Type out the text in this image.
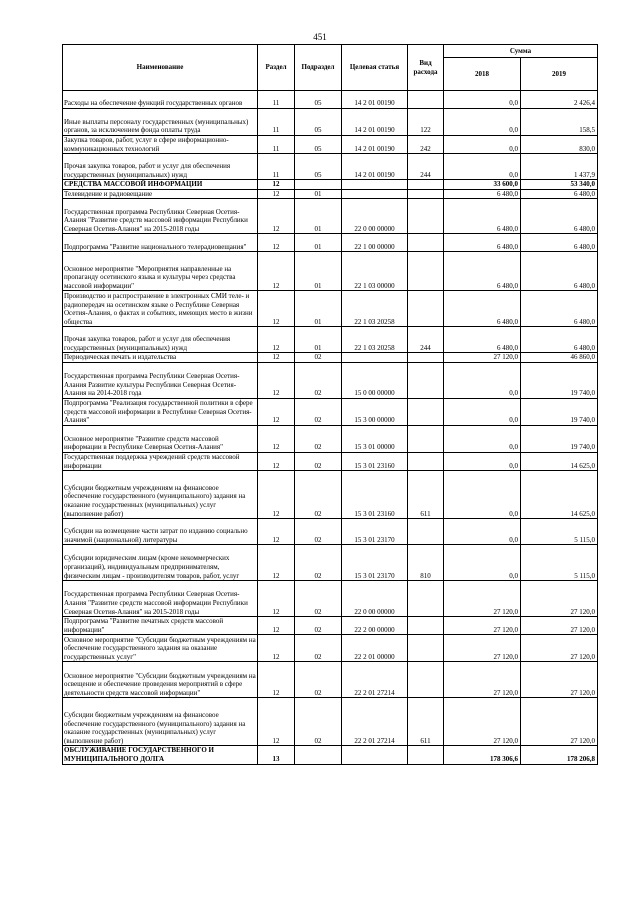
451
Наименование	Раздел	Подраздел	Целевая статья	Вид расхода	Сумма	
					2018	2019
Расходы на обеспечение функций государственных органов	11	05	14 2 01 00190		0,0	2 426,4
Иные выплаты персоналу государственных (муниципальных) органов, за исключением фонда оплаты труда	11	05	14 2 01 00190	122	0,0	158,5
Закупка товаров, работ, услуг в сфере информационно-коммуникационных технологий	11	05	14 2 01 00190	242	0,0	830,0
Прочая закупка товаров, работ и услуг для обеспечения государственных (муниципальных) нужд	11	05	14 2 01 00190	244	0,0	1 437,9
СРЕДСТВА МАССОВОЙ ИНФОРМАЦИИ	12				33 600,0	53 340,0
Телевидение и радиовещание	12	01			6 480,0	6 480,0
Государственная программа Республики Северная Осетия-Алания "Развитие средств массовой информации Республики Северная Осетия-Алания" на 2015-2018 годы	12	01	22 0 00 00000		6 480,0	6 480,0
Подпрограмма "Развитие национального телерадиовещания"	12	01	22 1 00 00000		6 480,0	6 480,0
Основное мероприятие "Мероприятия направленные на пропаганду осетинского языка и культуры через средства массовой информации"	12	01	22 1 03 00000		6 480,0	6 480,0
Производство и распространение в электронных СМИ теле- и радиопередач на осетинском языке о Республике Северная Осетия-Алания, о фактах и событиях, имеющих место в жизни общества	12	01	22 1 03 20258		6 480,0	6 480,0
Прочая закупка товаров, работ и услуг для обеспечения государственных (муниципальных) нужд	12	01	22 1 03 20258	244	6 480,0	6 480,0
Периодическая печать и издательства	12	02			27 120,0	46 860,0
Государственная программа Республики Северная Осетия-Алания Развитие культуры Республики Северная Осетия-Алания на 2014-2018 года	12	02	15 0 00 00000		0,0	19 740,0
Подпрограмма "Реализация государственной политики в сфере средств массовой информации в Республике Северная Осетия-Алания"	12	02	15 3 00 00000		0,0	19 740,0
Основное мероприятие "Развитие средств массовой информации в Республике Северная Осетия-Алания"	12	02	15 3 01 00000		0,0	19 740,0
Государственная поддержка учреждений средств массовой информации	12	02	15 3 01 23160		0,0	14 625,0
Субсидии бюджетным учреждениям на финансовое обеспечение государственного (муниципального) задания на оказание государственных (муниципальных) услуг (выполнение работ)	12	02	15 3 01 23160	611	0,0	14 625,0
Субсидии на возмещение части затрат по изданию социально значимой (национальной) литературы	12	02	15 3 01 23170		0,0	5 115,0
Субсидии юридическим лицам (кроме некоммерческих организаций), индивидуальным предпринимателям, физическим лицам - производителям товаров, работ, услуг	12	02	15 3 01 23170	810	0,0	5 115,0
Государственная программа Республики Северная Осетия-Алания "Развитие средств массовой информации Республики Северная Осетия-Алания" на 2015-2018 годы	12	02	22 0 00 00000		27 120,0	27 120,0
Подпрограмма "Развитие печатных средств массовой информации"	12	02	22 2 00 00000		27 120,0	27 120,0
Основное мероприятие "Субсидии бюджетным учреждениям на обеспечение государственного задания на оказание государственных услуг"	12	02	22 2 01 00000		27 120,0	27 120,0
Основное мероприятие "Субсидии бюджетным учреждениям на освещение и обеспечение проведения мероприятий в сфере деятельности средств массовой информации"	12	02	22 2 01 27214		27 120,0	27 120,0
Субсидии бюджетным учреждениям на финансовое обеспечение государственного (муниципального) задания на оказание государственных (муниципальных) услуг (выполнение работ)	12	02	22 2 01 27214	611	27 120,0	27 120,0
ОБСЛУЖИВАНИЕ ГОСУДАРСТВЕННОГО И МУНИЦИПАЛЬНОГО ДОЛГА	13				178 306,6	178 206,8
